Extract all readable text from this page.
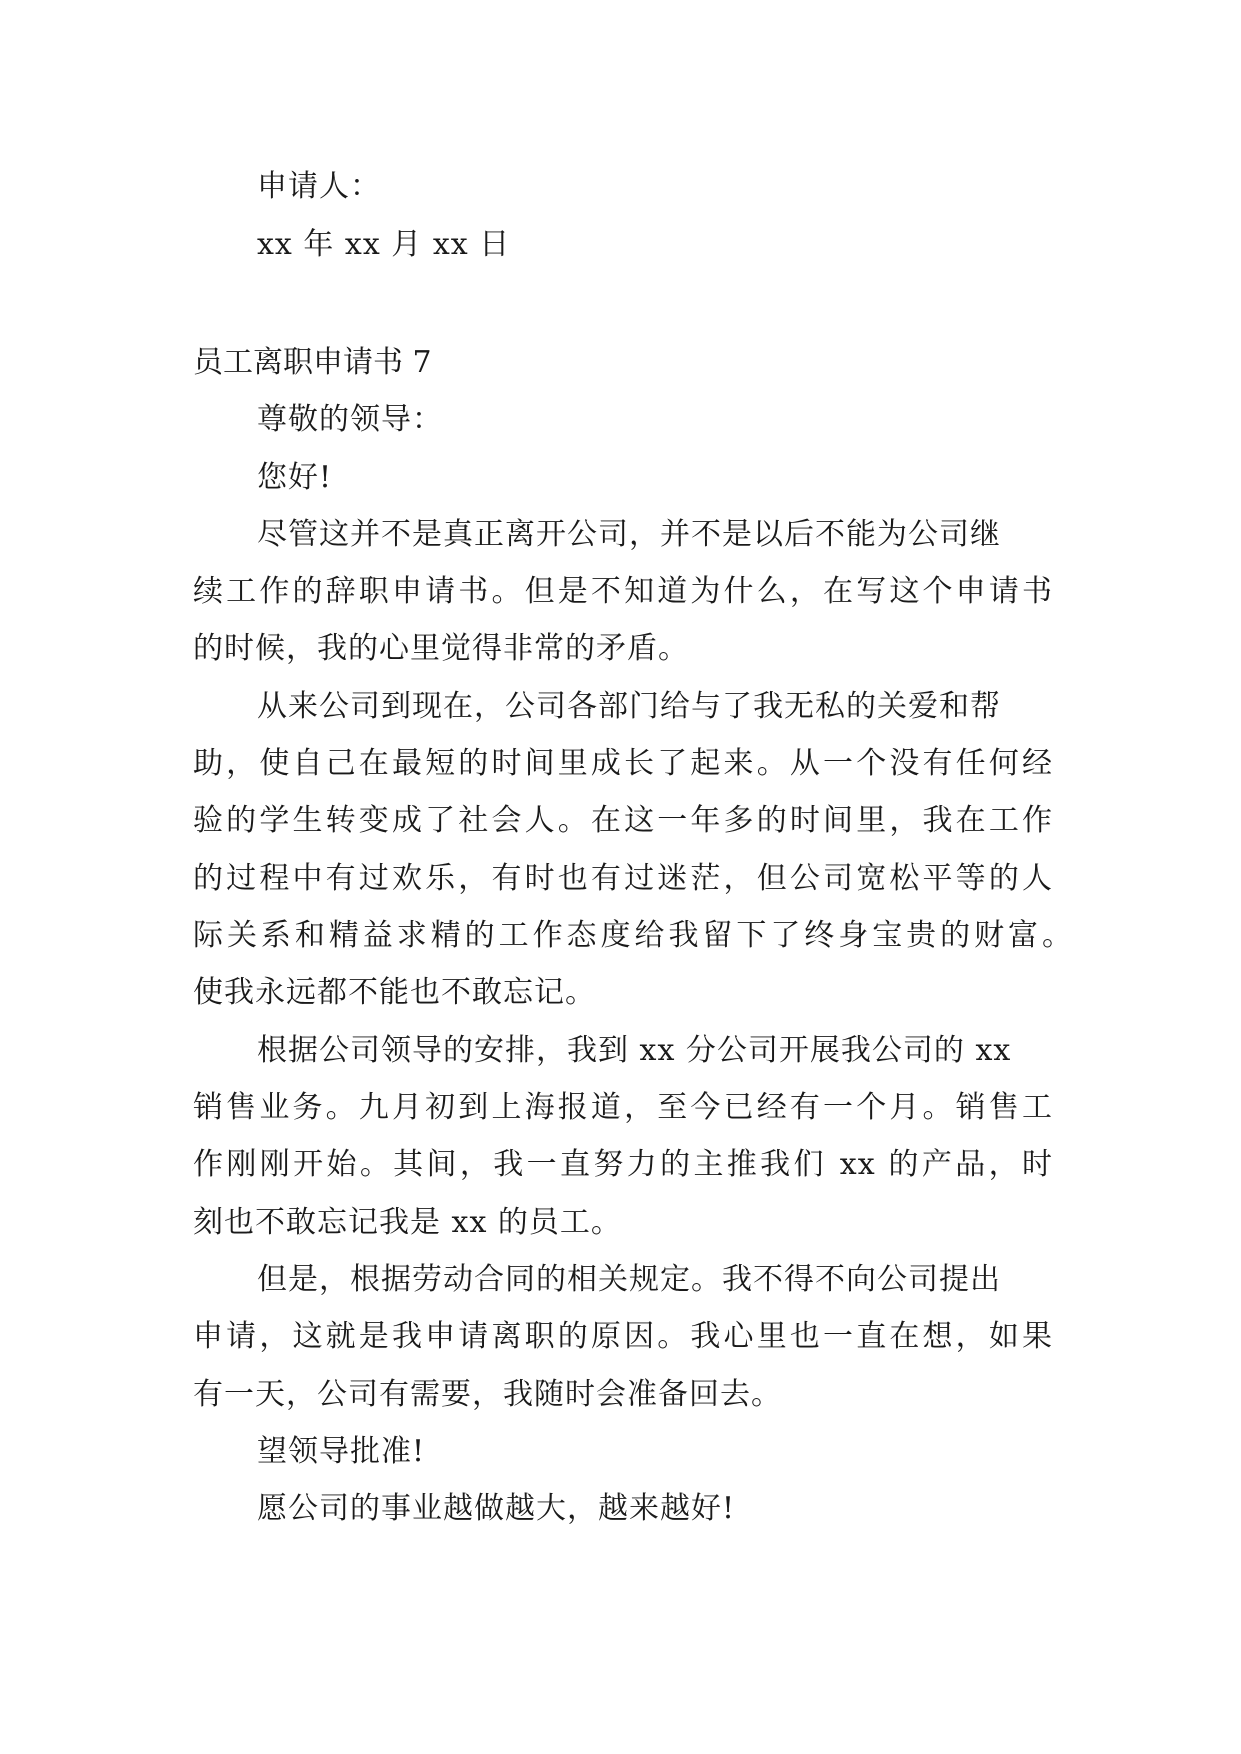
申请人：
xx 年 xx 月 xx 日
员工离职申请书 7
尊敬的领导：
您好!
尽管这并不是真正离开公司，并不是以后不能为公司继
续工作的辞职申请书。但是不知道为什么，在写这个申请书
的时候，我的心里觉得非常的矛盾。
从来公司到现在，公司各部门给与了我无私的关爱和帮
助，使自己在最短的时间里成长了起来。从一个没有任何经
验的学生转变成了社会人。在这一年多的时间里，我在工作
的过程中有过欢乐，有时也有过迷茫，但公司宽松平等的人
际关系和精益求精的工作态度给我留下了终身宝贵的财富。
使我永远都不能也不敢忘记。
根据公司领导的安排，我到 xx 分公司开展我公司的 xx
销售业务。九月初到上海报道，至今已经有一个月。销售工
作刚刚开始。其间，我一直努力的主推我们 xx 的产品，时
刻也不敢忘记我是 xx 的员工。
但是，根据劳动合同的相关规定。我不得不向公司提出
申请，这就是我申请离职的原因。我心里也一直在想，如果
有一天，公司有需要，我随时会准备回去。
望领导批准!
愿公司的事业越做越大，越来越好!
